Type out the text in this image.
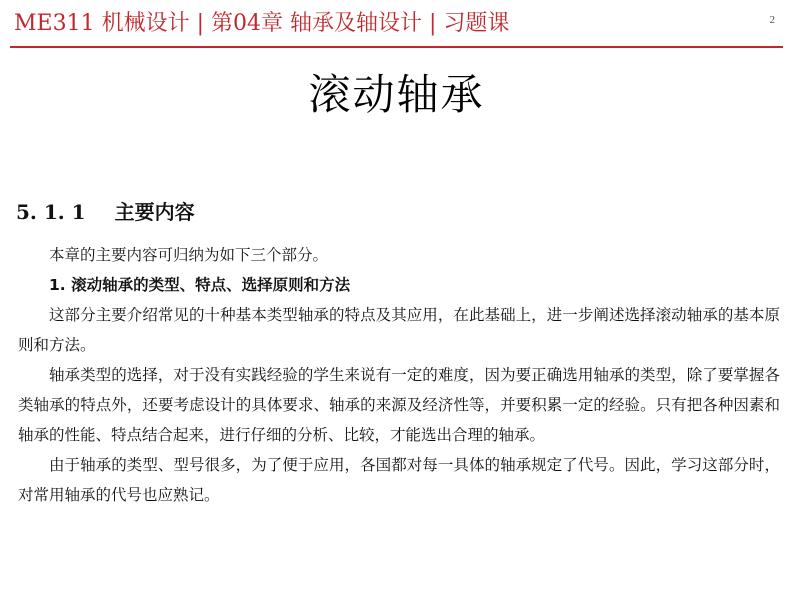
ME311 机械设计 | 第04章 轴承及轴设计 | 习题课	2
滚动轴承
5. 1. 1 主要内容

本章的主要内容可归纳为如下三个部分。

1. 滚动轴承的类型、特点、选择原则和方法

这部分主要介绍常见的十种基本类型轴承的特点及其应用，在此基础上，进一步阐述选择滚动轴承的基本原则和方法。

轴承类型的选择，对于没有实践经验的学生来说有一定的难度，因为要正确选用轴承的类型，除了要掌握各类轴承的特点外，还要考虑设计的具体要求、轴承的来源及经济性等，并要积累一定的经验。只有把各种因素和轴承的性能、特点结合起来，进行仔细的分析、比较，才能选出合理的轴承。

由于轴承的类型、型号很多，为了便于应用，各国都对每一具体的轴承规定了代号。因此，学习这部分时，对常用轴承的代号也应熟记。
